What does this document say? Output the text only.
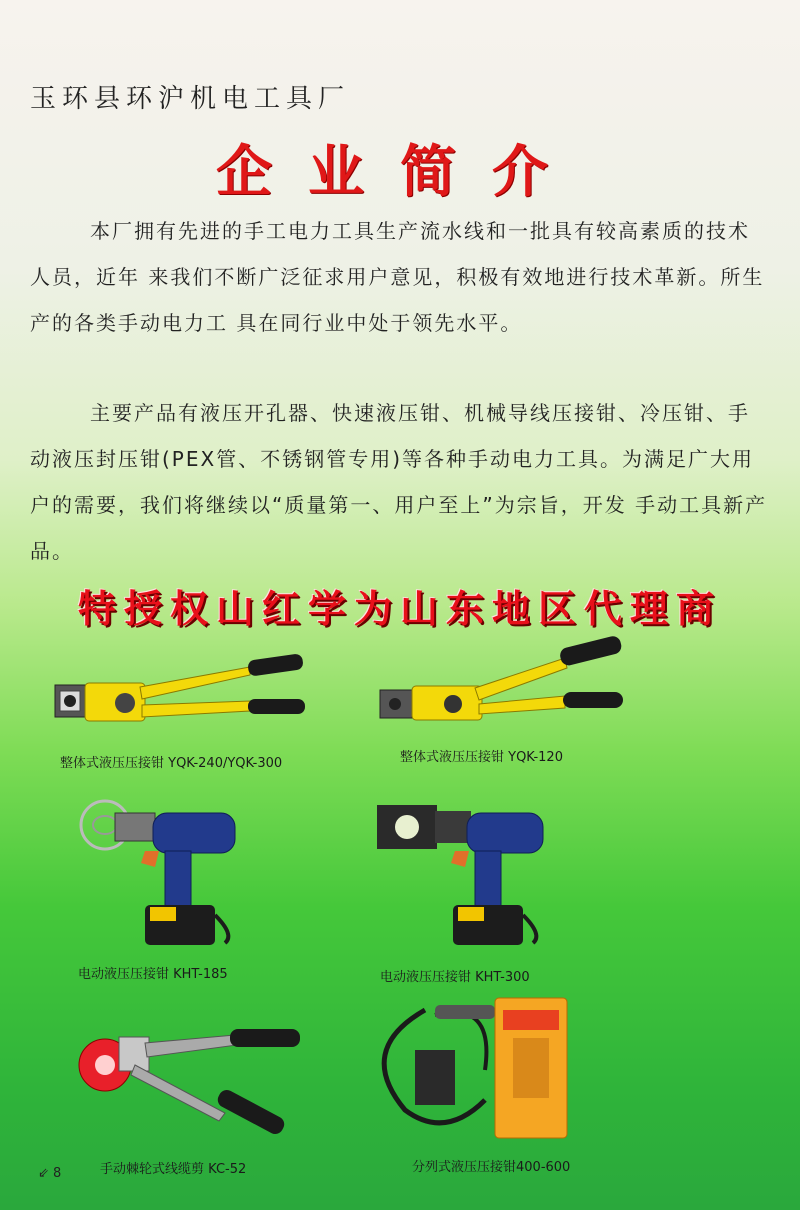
玉环县环沪机电工具厂
企业简介

本厂拥有先进的手工电力工具生产流水线和一批具有较高素质的技术人员，近年 来我们不断广泛征求用户意见，积极有效地进行技术革新。所生产的各类手动电力工 具在同行业中处于领先水平。

主要产品有液压开孔器、快速液压钳、机械导线压接钳、冷压钳、手动液压封压钳(PEX管、不锈钢管专用)等各种手动电力工具。为满足广大用户的需要，我们将继续以“质量第一、用户至上”为宗旨，开发 手动工具新产品。

特授权山红学为山东地区代理商
整体式液压压接钳 YQK-240/YQK-300	整体式液压压接钳 YQK-120
电动液压压接钳 KHT-185	电动液压压接钳 KHT-300
手动棘轮式线缆剪 KC-52	分列式液压压接钳400-600
⇙ 8
